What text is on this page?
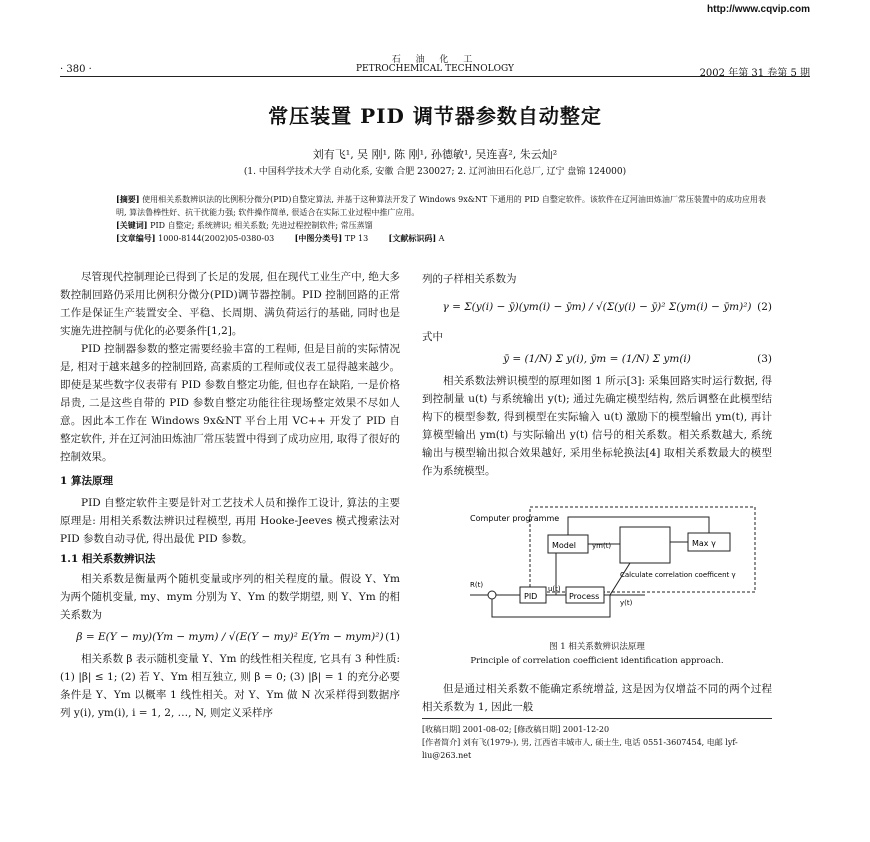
http://www.cqvip.com
· 380 ·
石 油 化 工
PETROCHEMICAL TECHNOLOGY	2002 年第 31 卷第 5 期
常压装置 PID 调节器参数自动整定
刘有飞¹, 吴 刚¹, 陈 刚¹, 孙德敏¹, 吴连喜², 朱云灿²
(1. 中国科学技术大学 自动化系, 安徽 合肥 230027; 2. 辽河油田石化总厂, 辽宁 盘锦 124000)
[摘要] 使用相关系数辨识法的比例积分微分(PID)自整定算法, 并基于这种算法开发了 Windows 9x&NT 下通用的 PID 自整定软件。该软件在辽河油田炼油厂常压装置中的成功应用表明, 算法鲁棒性好、抗干扰能力强; 软件操作简单, 很适合在实际工业过程中推广应用。
[关键词] PID 自整定; 系统辨识; 相关系数; 先进过程控制软件; 常压蒸馏
[文章编号] 1000-8144(2002)05-0380-03	[中图分类号] TP 13	[文献标识码] A

尽管现代控制理论已得到了长足的发展, 但在现代工业生产中, 绝大多数控制回路仍采用比例积分微分(PID)调节器控制。PID 控制回路的正常工作是保证生产装置安全、平稳、长周期、满负荷运行的基础, 同时也是实施先进控制与优化的必要条件[1,2]。

PID 控制器参数的整定需要经验丰富的工程师, 但是目前的实际情况是, 相对于越来越多的控制回路, 高素质的工程师或仪表工显得越来越少。即使是某些数字仪表带有 PID 参数自整定功能, 但也存在缺陷, 一是价格昂贵, 二是这些自带的 PID 参数自整定功能往往现场整定效果不尽如人意。因此本工作在 Windows 9x&NT 平台上用 VC++ 开发了 PID 自整定软件, 并在辽河油田炼油厂常压装置中得到了成功应用, 取得了很好的控制效果。

1 算法原理

PID 自整定软件主要是针对工艺技术人员和操作工设计, 算法的主要原理是: 用相关系数法辨识过程模型, 再用 Hooke-Jeeves 模式搜索法对 PID 参数自动寻优, 得出最优 PID 参数。

1.1 相关系数辨识法

相关系数是衡量两个随机变量或序列的相关程度的量。假设 Y、Ym 为两个随机变量, my、mym 分别为 Y、Ym 的数学期望, 则 Y、Ym 的相关系数为

β = E(Y − my)(Ym − mym) / √(E(Y − my)² E(Ym − mym)²) (1)

相关系数 β 表示随机变量 Y、Ym 的线性相关程度, 它具有 3 种性质: (1) |β| ≤ 1; (2) 若 Y、Ym 相互独立, 则 β = 0; (3) |β| = 1 的充分必要条件是 Y、Ym 以概率 1 线性相关。对 Y、Ym 做 N 次采样得到数据序列 y(i), ym(i), i = 1, 2, …, N, 则定义采样序

列的子样相关系数为
γ = Σ(y(i) − ȳ)(ym(i) − ȳm) / √(Σ(y(i) − ȳ)² Σ(ym(i) − ȳm)²) (2)
式中
ȳ = (1/N) Σ y(i), ȳm = (1/N) Σ ym(i)	(3)

相关系数法辨识模型的原理如图 1 所示[3]: 采集回路实时运行数据, 得到控制量 u(t) 与系统输出 y(t); 通过先确定模型结构, 然后调整在此模型结构下的模型参数, 得到模型在实际输入 u(t) 激励下的模型输出 ym(t), 再计算模型输出 ym(t) 与实际输出 y(t) 信号的相关系数。相关系数越大, 系统输出与模型输出拟合效果越好, 采用坐标轮换法[4] 取相关系数最大的模型作为系统模型。

Computer programme
Model ym(t)	Max γ
Calculate correlation coefficent γ
R(t)
PID
u(t)
Process
y(t)
图 1 相关系数辨识法原理
Principle of correlation coefficient identification approach.

但是通过相关系数不能确定系统增益, 这是因为仅增益不同的两个过程相关系数为 1, 因此一般

[收稿日期] 2001-08-02; [修改稿日期] 2001-12-20
[作者简介] 刘有飞(1979-), 男, 江西省丰城市人, 硕士生, 电话 0551-3607454, 电邮 lyf-liu@263.net
